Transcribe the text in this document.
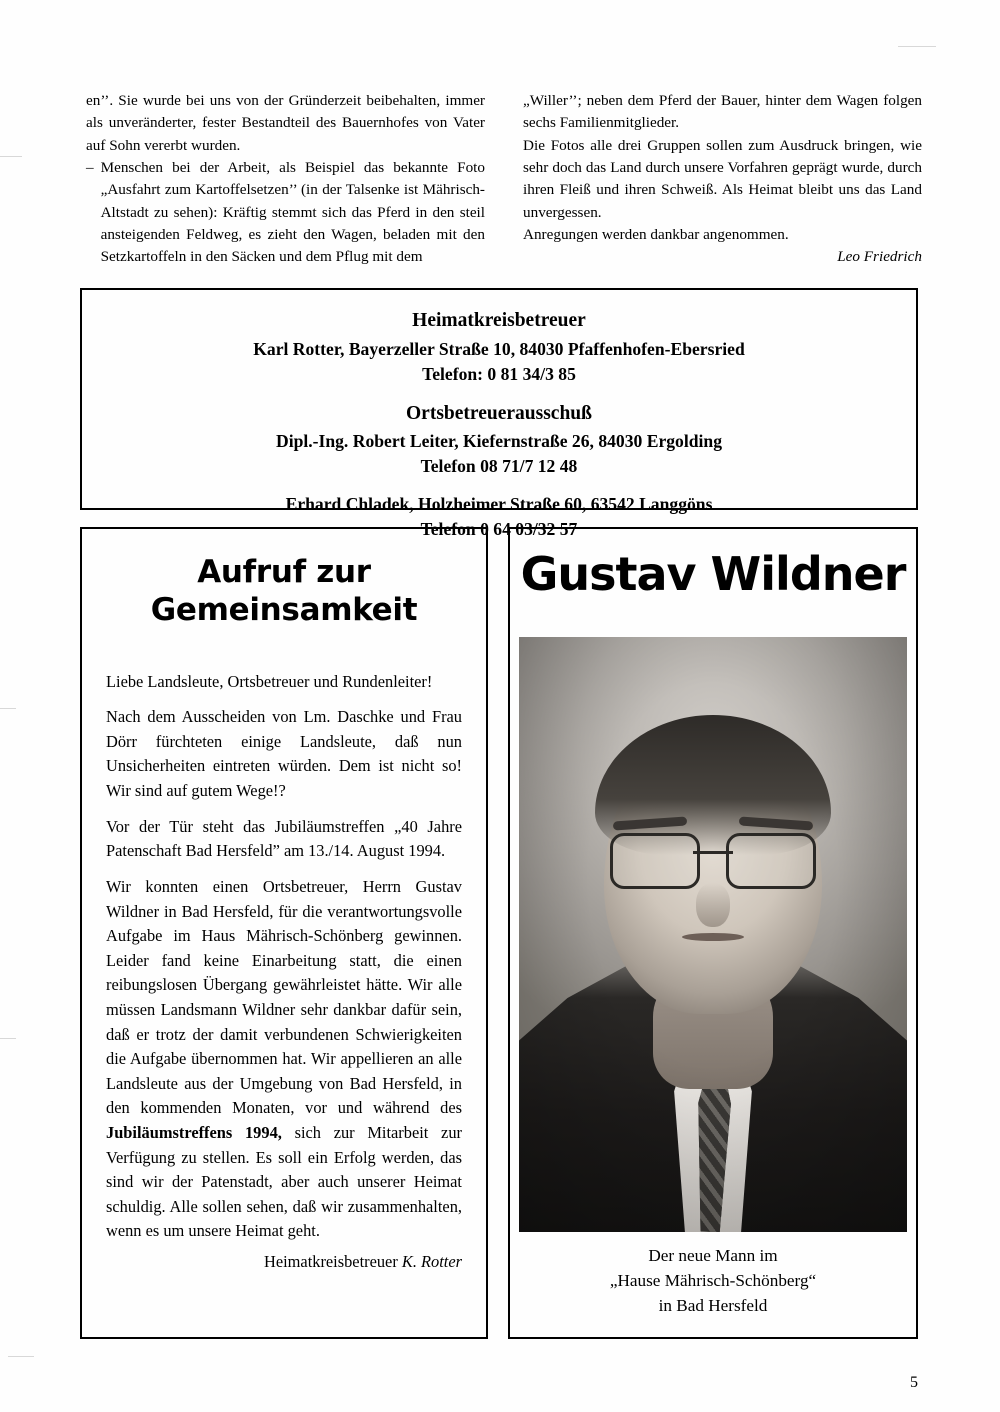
en’’. Sie wurde bei uns von der Gründerzeit beibehalten, immer als unveränderter, fester Bestandteil des Bauernhofes von Vater auf Sohn vererbt wurden.

– Menschen bei der Arbeit, als Beispiel das bekannte Foto „Ausfahrt zum Kartoffelsetzen’’ (in der Talsenke ist Mährisch-Altstadt zu sehen): Kräftig stemmt sich das Pferd in den steil ansteigenden Feldweg, es zieht den Wagen, beladen mit den Setzkartoffeln in den Säcken und dem Pflug mit dem

„Willer’’; neben dem Pferd der Bauer, hinter dem Wagen folgen sechs Familienmitglieder.

Die Fotos alle drei Gruppen sollen zum Ausdruck bringen, wie sehr doch das Land durch unsere Vorfahren geprägt wurde, durch ihren Fleiß und ihren Schweiß. Als Heimat bleibt uns das Land unvergessen.

Anregungen werden dankbar angenommen.

Leo Friedrich

Heimatkreisbetreuer
Karl Rotter, Bayerzeller Straße 10, 84030 Pfaffenhofen-Ebersried
Telefon: 0 81 34/3 85
Ortsbetreuerausschuß
Dipl.-Ing. Robert Leiter, Kiefernstraße 26, 84030 Ergolding
Telefon 08 71/7 12 48
Erhard Chladek, Holzheimer Straße 60, 63542 Langgöns
Telefon 0 64 03/32 57
Aufruf zur
Gemeinsamkeit

Liebe Landsleute, Ortsbetreuer und Rundenleiter!

Nach dem Ausscheiden von Lm. Daschke und Frau Dörr fürchteten einige Landsleute, daß nun Unsicherheiten eintreten würden. Dem ist nicht so! Wir sind auf gutem Wege!?

Vor der Tür steht das Jubiläumstreffen „40 Jahre Patenschaft Bad Hersfeld” am 13./14. August 1994.

Wir konnten einen Ortsbetreuer, Herrn Gustav Wildner in Bad Hersfeld, für die verantwortungsvolle Aufgabe im Haus Mährisch-Schönberg gewinnen. Leider fand keine Einarbeitung statt, die einen reibungslosen Übergang gewährleistet hätte. Wir alle müssen Landsmann Wildner sehr dankbar dafür sein, daß er trotz der damit verbundenen Schwierigkeiten die Aufgabe übernommen hat. Wir appellieren an alle Landsleute aus der Umgebung von Bad Hersfeld, in den kommenden Monaten, vor und während des Jubiläumstreffens 1994, sich zur Mitarbeit zur Verfügung zu stellen. Es soll ein Erfolg werden, das sind wir der Patenstadt, aber auch unserer Heimat schuldig. Alle sollen sehen, daß wir zusammenhalten, wenn es um unsere Heimat geht.

Heimatkreisbetreuer K. Rotter
Gustav Wildner
Der neue Mann im
„Hause Mährisch-Schönberg“
in Bad Hersfeld
5
